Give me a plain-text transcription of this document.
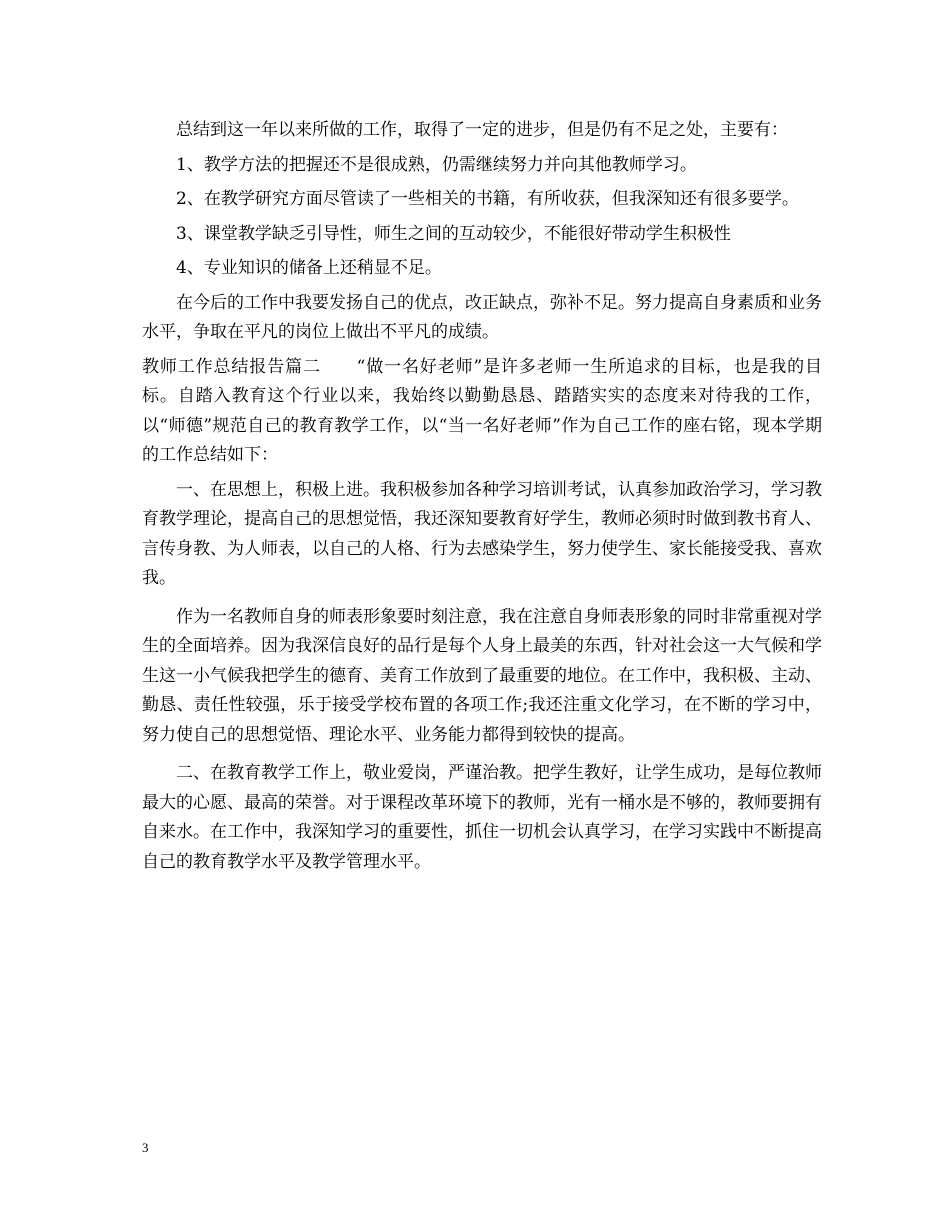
总结到这一年以来所做的工作，取得了一定的进步，但是仍有不足之处，主要有：

1、教学方法的把握还不是很成熟，仍需继续努力并向其他教师学习。

2、在教学研究方面尽管读了一些相关的书籍，有所收获，但我深知还有很多要学。

3、课堂教学缺乏引导性，师生之间的互动较少，不能很好带动学生积极性

4、专业知识的储备上还稍显不足。

在今后的工作中我要发扬自己的优点，改正缺点，弥补不足。努力提高自身素质和业务水平，争取在平凡的岗位上做出不平凡的成绩。

教师工作总结报告篇二　　“做一名好老师”是许多老师一生所追求的目标，也是我的目标。自踏入教育这个行业以来，我始终以勤勤恳恳、踏踏实实的态度来对待我的工作，以“师德”规范自己的教育教学工作，以“当一名好老师”作为自己工作的座右铭，现本学期的工作总结如下：

一、在思想上，积极上进。我积极参加各种学习培训考试，认真参加政治学习，学习教育教学理论，提高自己的思想觉悟，我还深知要教育好学生，教师必须时时做到教书育人、言传身教、为人师表，以自己的人格、行为去感染学生，努力使学生、家长能接受我、喜欢我。

作为一名教师自身的师表形象要时刻注意，我在注意自身师表形象的同时非常重视对学生的全面培养。因为我深信良好的品行是每个人身上最美的东西，针对社会这一大气候和学生这一小气候我把学生的德育、美育工作放到了最重要的地位。在工作中，我积极、主动、勤恳、责任性较强，乐于接受学校布置的各项工作;我还注重文化学习，在不断的学习中，努力使自己的思想觉悟、理论水平、业务能力都得到较快的提高。

二、在教育教学工作上，敬业爱岗，严谨治教。把学生教好，让学生成功，是每位教师最大的心愿、最高的荣誉。对于课程改革环境下的教师，光有一桶水是不够的，教师要拥有自来水。在工作中，我深知学习的重要性，抓住一切机会认真学习，在学习实践中不断提高自己的教育教学水平及教学管理水平。

3
